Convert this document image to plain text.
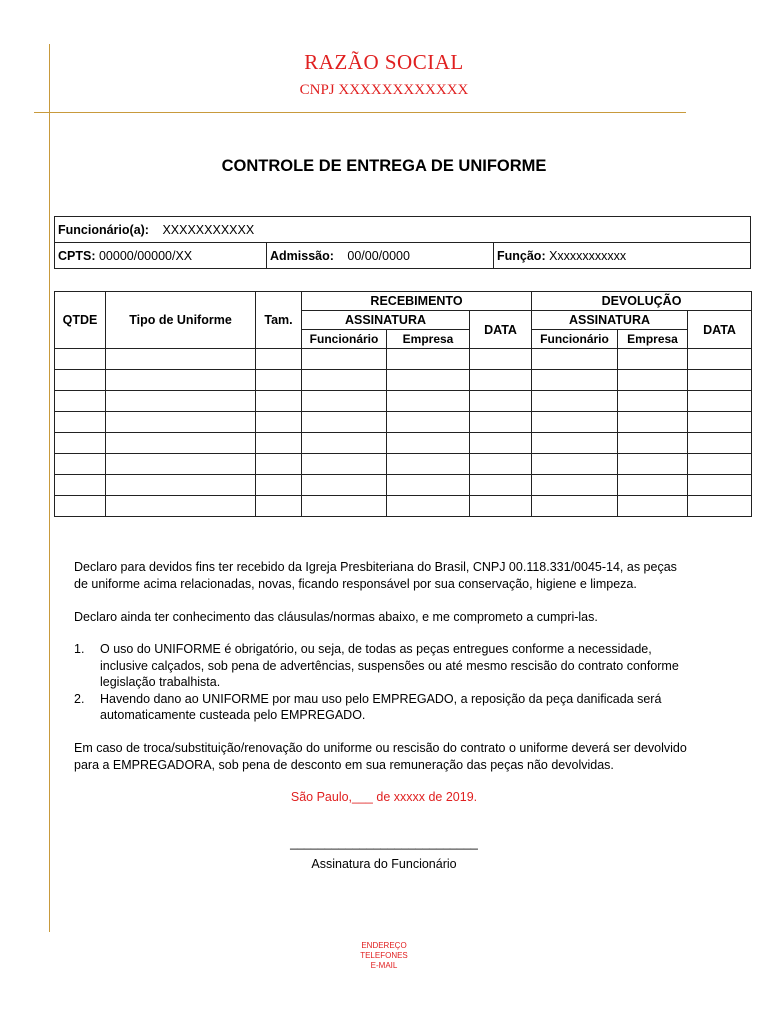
RAZÃO SOCIAL
CNPJ XXXXXXXXXXXX
CONTROLE DE ENTREGA DE UNIFORME
Funcionário(a): XXXXXXXXXXX
CPTS: 00000/00000/XX	Admissão: 00/00/0000	Função: Xxxxxxxxxxxx
QTDE	Tipo de Uniforme	Tam.	RECEBIMENTO			DEVOLUÇÃO		
			ASSINATURA		DATA	ASSINATURA		DATA
			Funcionário	Empresa		Funcionário	Empresa	

Declaro para devidos fins ter recebido da Igreja Presbiteriana do Brasil, CNPJ 00.118.331/0045-14, as peças de uniforme acima relacionadas, novas, ficando responsável por sua conservação, higiene e limpeza.
Declaro ainda ter conhecimento das cláusulas/normas abaixo, e me comprometo a cumpri-las.
1. O uso do UNIFORME é obrigatório, ou seja, de todas as peças entregues conforme a necessidade, inclusive calçados, sob pena de advertências, suspensões ou até mesmo rescisão do contrato conforme legislação trabalhista.
2. Havendo dano ao UNIFORME por mau uso pelo EMPREGADO, a reposição da peça danificada será automaticamente custeada pelo EMPREGADO.
Em caso de troca/substituição/renovação do uniforme ou rescisão do contrato o uniforme deverá ser devolvido para a EMPREGADORA, sob pena de desconto em sua remuneração das peças não devolvidas.
São Paulo,___ de xxxxx de 2019.
___________________________
Assinatura do Funcionário
ENDEREÇO
TELEFONES
E-MAIL
